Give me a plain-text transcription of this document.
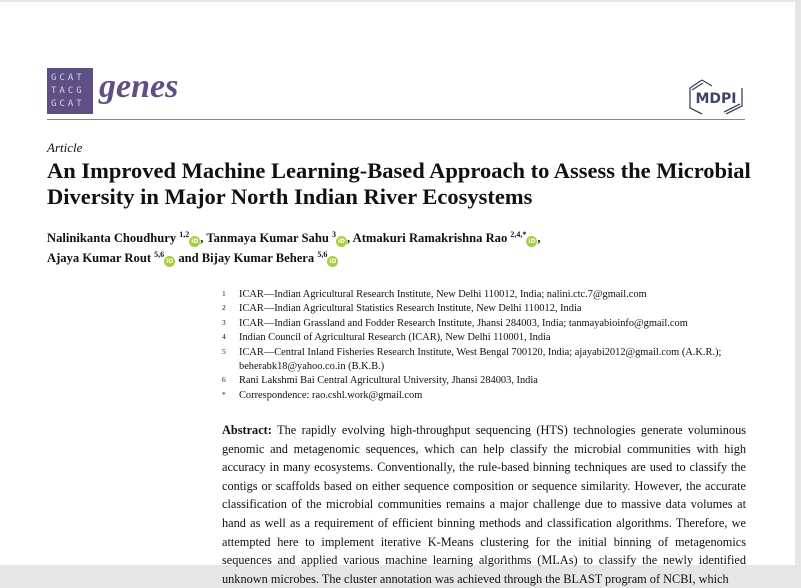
GCAT
TACG
GCAT genes	MDPI
Article
An Improved Machine Learning-Based Approach to Assess the Microbial Diversity in Major North Indian River Ecosystems
Nalinikanta Choudhury $^{1,2}$iD , Tanmaya Kumar Sahu $^3$iD , Atmakuri Ramakrishna Rao $^{2,4,*}$iD ,
Ajaya Kumar Rout $^{5,6}$iD and Bijay Kumar Behera $^{5,6}$iD
1	ICAR—Indian Agricultural Research Institute, New Delhi 110012, India; nalini.ctc.7@gmail.com
2	ICAR—Indian Agricultural Statistics Research Institute, New Delhi 110012, India
3	ICAR—Indian Grassland and Fodder Research Institute, Jhansi 284003, India; tanmayabioinfo@gmail.com
4	Indian Council of Agricultural Research (ICAR), New Delhi 110001, India
5	ICAR—Central Inland Fisheries Research Institute, West Bengal 700120, India; ajayabi2012@gmail.com (A.K.R.); beherabk18@yahoo.co.in (B.K.B.)
6	Rani Lakshmi Bai Central Agricultural University, Jhansi 284003, India
*	Correspondence: rao.cshl.work@gmail.com
Abstract: The rapidly evolving high-throughput sequencing (HTS) technologies generate voluminous genomic and metagenomic sequences, which can help classify the microbial communities with high accuracy in many ecosystems. Conventionally, the rule-based binning techniques are used to classify the contigs or scaffolds based on either sequence composition or sequence similarity. However, the accurate classification of the microbial communities remains a major challenge due to massive data volumes at hand as well as a requirement of efficient binning methods and classification algorithms. Therefore, we attempted here to implement iterative K-Means clustering for the initial binning of metagenomics sequences and applied various machine learning algorithms (MLAs) to classify the newly identified unknown microbes. The cluster annotation was achieved through the BLAST program of NCBI, which
